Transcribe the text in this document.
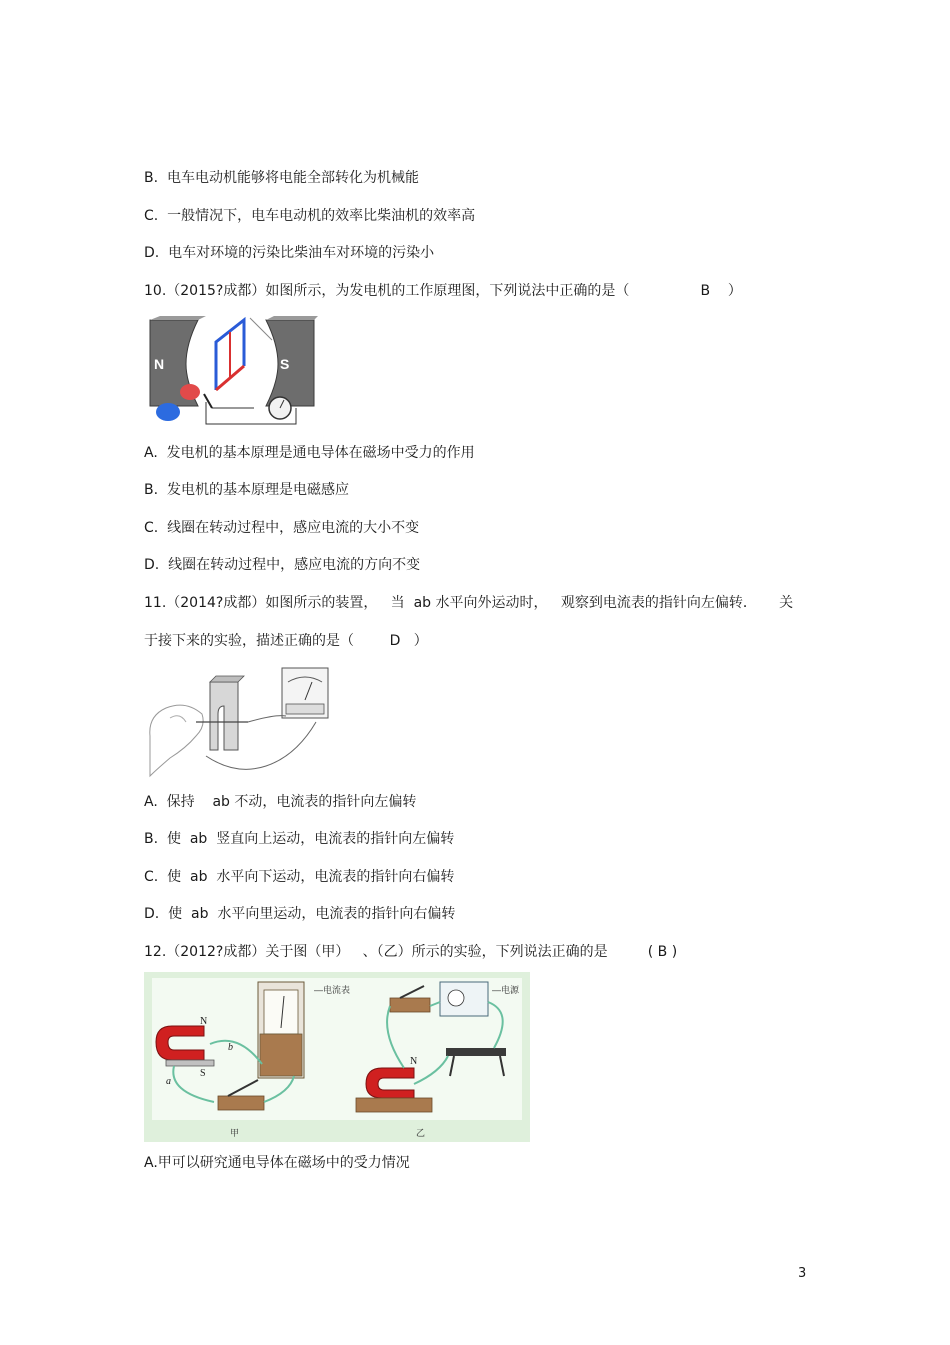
B.  电车电动机能够将电能全部转化为机械能

C.  一般情况下，电车电动机的效率比柴油机的效率高

D.  电车对环境的污染比柴油车对环境的污染小

10.（2015?成都）如图所示，为发电机的工作原理图，下列说法中正确的是（                B    ）

N	S

A.  发电机的基本原理是通电导体在磁场中受力的作用

B.  发电机的基本原理是电磁感应

C.  线圈在转动过程中，感应电流的大小不变

D.  线圈在转动过程中，感应电流的方向不变

11.（2014?成都）如图所示的装置，   当  ab 水平向外运动时，   观察到电流表的指针向左偏转．     关

于接下来的实验，描述正确的是（        D   ）

A.  保持    ab 不动，电流表的指针向左偏转

B.  使  ab  竖直向上运动，电流表的指针向左偏转

C.  使  ab  水平向下运动，电流表的指针向右偏转

D.  使  ab  水平向里运动，电流表的指针向右偏转

12.（2012?成都）关于图（甲）   、（乙）所示的实验，下列说法正确的是         ( B )

—电流表	—电源
N
S
b
a
N
甲	乙

A.甲可以研究通电导体在磁场中的受力情况

3
